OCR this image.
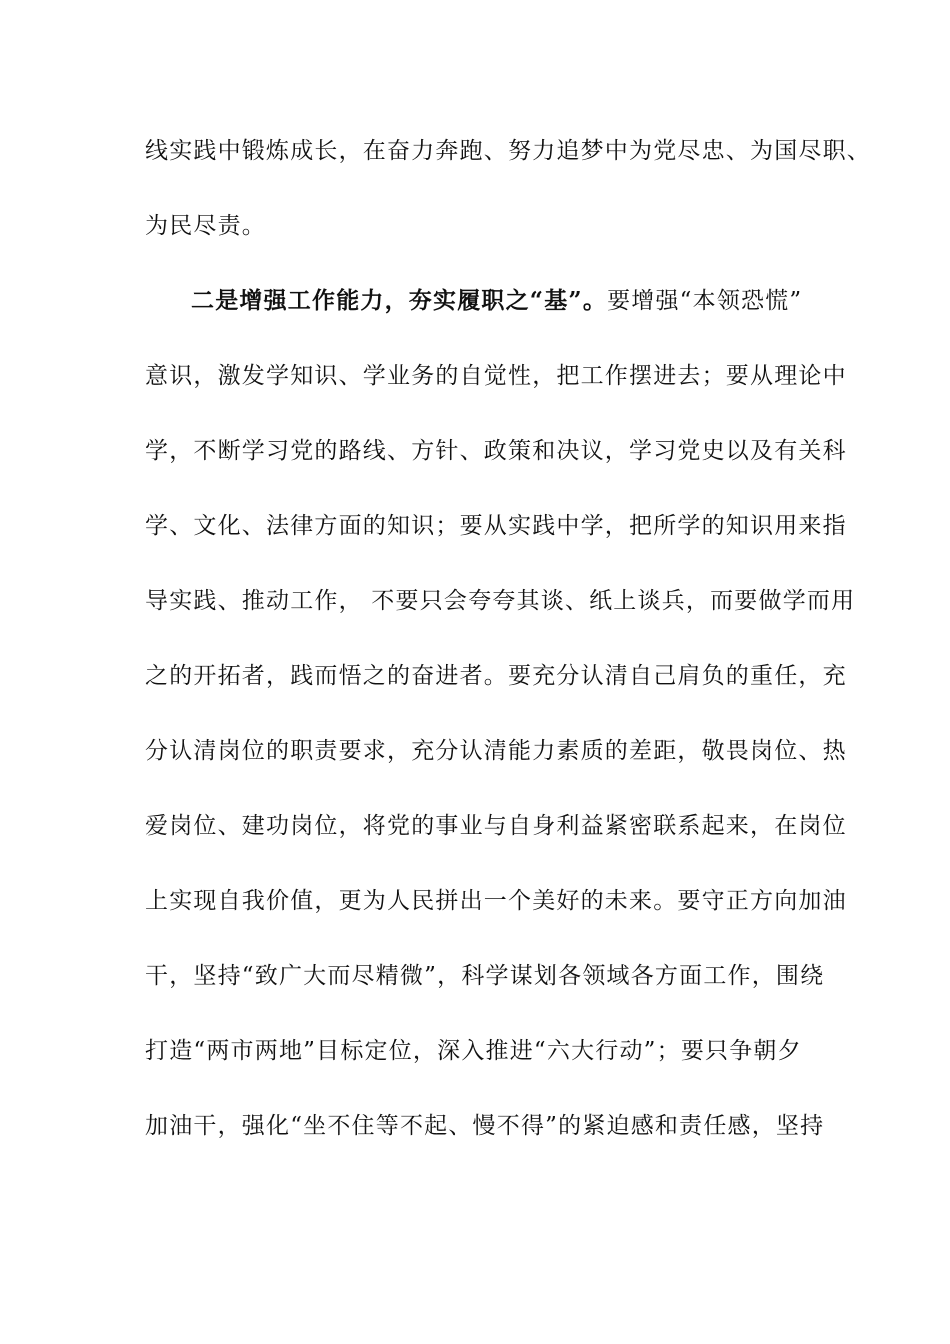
线实践中锻炼成长，在奋力奔跑、努力追梦中为党尽忠、为国尽职、
为民尽责。
二是增强工作能力，夯实履职之“基”。要增强“本领恐慌”
意识，激发学知识、学业务的自觉性，把工作摆进去；要从理论中
学，不断学习党的路线、方针、政策和决议，学习党史以及有关科
学、文化、法律方面的知识；要从实践中学，把所学的知识用来指
导实践、推动工作， 不要只会夸夸其谈、纸上谈兵，而要做学而用
之的开拓者，践而悟之的奋进者。要充分认清自己肩负的重任，充
分认清岗位的职责要求，充分认清能力素质的差距，敬畏岗位、热
爱岗位、建功岗位，将党的事业与自身利益紧密联系起来，在岗位
上实现自我价值，更为人民拼出一个美好的未来。要守正方向加油
干，坚持“致广大而尽精微”，科学谋划各领域各方面工作，围绕
打造“两市两地”目标定位，深入推进“六大行动”；要只争朝夕
加油干，强化“坐不住等不起、慢不得”的紧迫感和责任感，坚持
